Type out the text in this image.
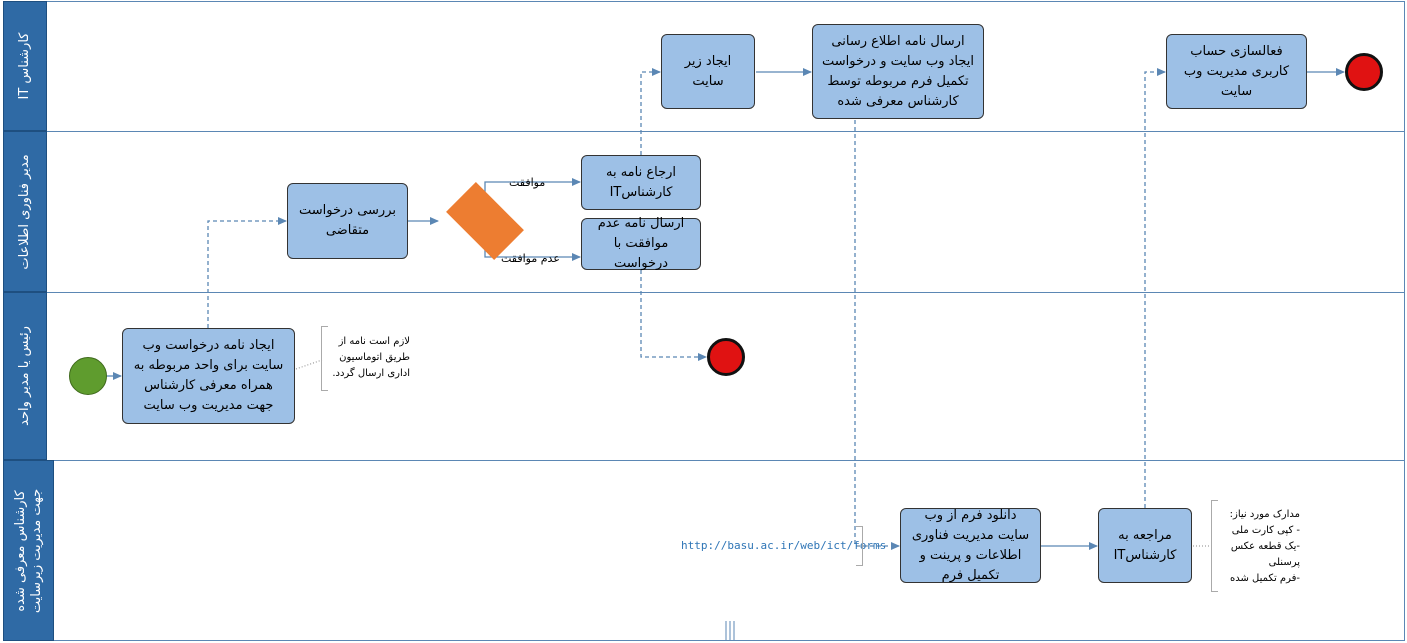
کارشناس IT
مدیر فناوری اطلاعات
رئیس یا مدیر واحد
کارشناس معرفی شده جهت مدیریت زیرسایت
ایجاد نامه درخواست وب سایت برای واحد مربوطه به همراه معرفی کارشناس جهت مدیریت وب سایت
بررسی درخواست متقاضی
ارجاع نامه به کارشناسIT
ارسال نامه عدم موافقت با درخواست
ایجاد زیر سایت
ارسال نامه اطلاع رسانی ایجاد وب سایت و درخواست تکمیل فرم مربوطه توسط کارشناس معرفی شده
فعالسازی حساب کاربری مدیریت وب سایت
دانلود فرم از وب سایت مدیریت فناوری اطلاعات و پرینت و تکمیل فرم
مراجعه به کارشناسIT
موافقت
عدم موافقت
لازم است نامه از
طریق اتوماسیون
اداری ارسال گردد.
مدارک مورد نیاز:
- کپی کارت ملی
-یک قطعه عکس
پرسنلی
-فرم تکمیل شده
http://basu.ac.ir/web/ict/forms
